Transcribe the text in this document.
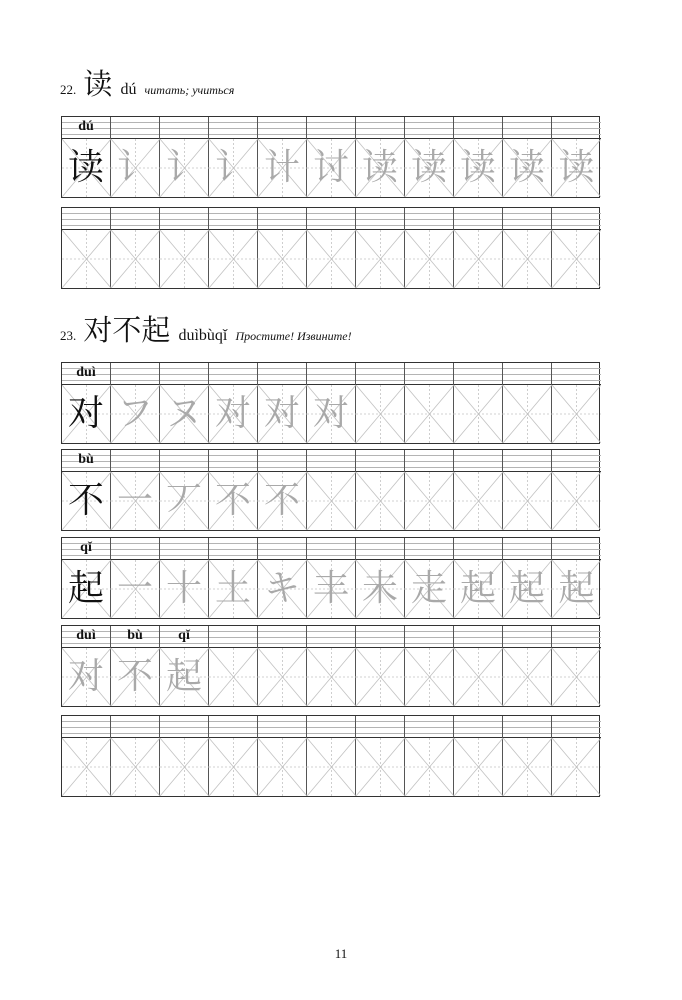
22. 读 dú читать; учиться
dú
读 讠 讠 讠 计 讨 读 读 读 读 读
23. 对不起 duìbùqǐ Простите! Извините!
duì
对 フ ヌ 对 对 对
bù
不 一 丆 不 不
qǐ
起 一 十 土 キ 丰 未 走 起 起 起
duì
对
bù
不
qǐ
起
11
